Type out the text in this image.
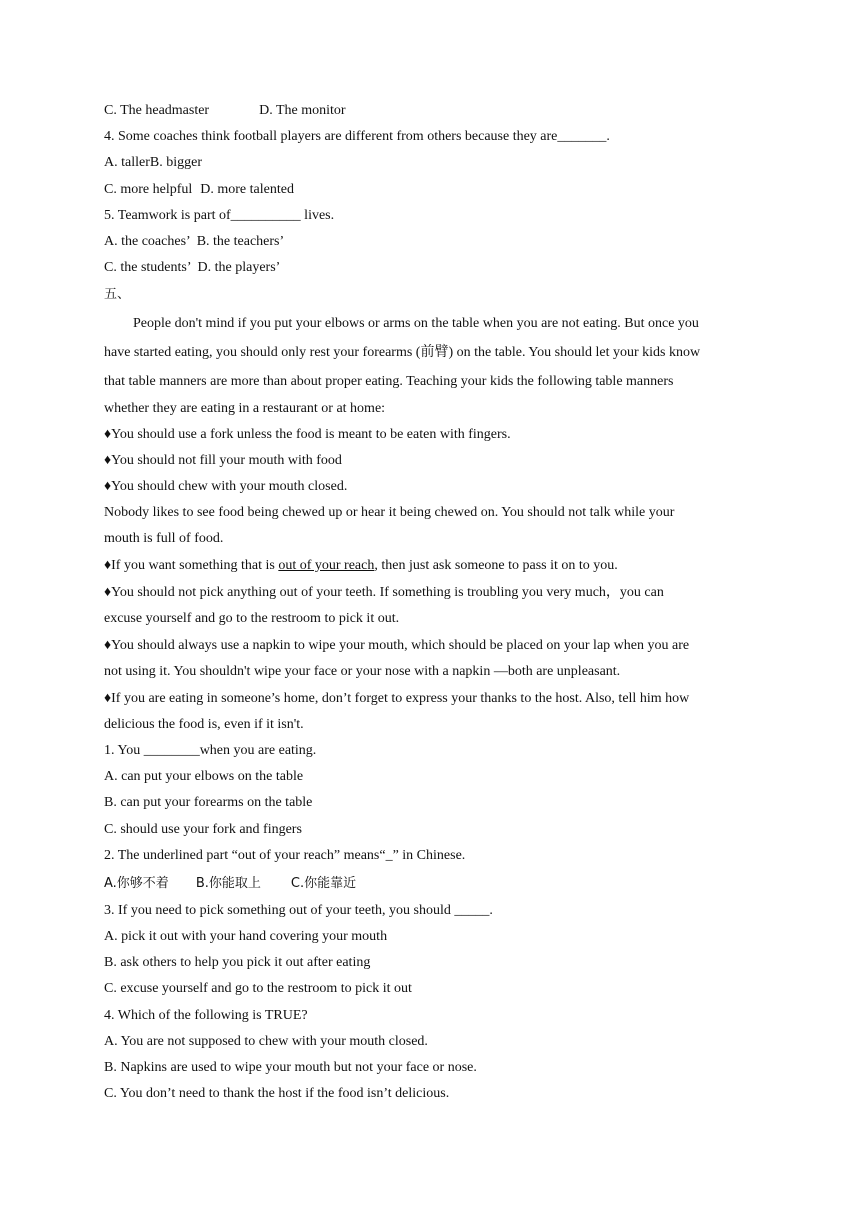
C. The headmaster	D. The monitor
4. Some coaches think football players are different from others because they are_______.
A. tallerB. bigger
C. more helpful D. more talented
5. Teamwork is part of__________ lives.
A. the coaches’ B. the teachers’
C. the students’ D. the players’
五、
People don't mind if you put your elbows or arms on the table when you are not eating. But once you
have started eating, you should only rest your forearms (前臂) on the table. You should let your kids know
that table manners are more than about proper eating. Teaching your kids the following table manners
whether they are eating in a restaurant or at home:
♦You should use a fork unless the food is meant to be eaten with fingers.
♦You should not fill your mouth with food
♦You should chew with your mouth closed.
Nobody likes to see food being chewed up or hear it being chewed on. You should not talk while your
mouth is full of food.
♦If you want something that is out of your reach, then just ask someone to pass it on to you.
♦You should not pick anything out of your teeth. If something is troubling you very much，you can
excuse yourself and go to the restroom to pick it out.
♦You should always use a napkin to wipe your mouth, which should be placed on your lap when you are
not using it. You shouldn't wipe your face or your nose with a napkin —both are unpleasant.
♦If you are eating in someone’s home, don’t forget to express your thanks to the host. Also, tell him how
delicious the food is, even if it isn't.
1. You ________when you are eating.
A. can put your elbows on the table
B. can put your forearms on the table
C. should use your fork and fingers
2. The underlined part “out of your reach” means“_” in Chinese.
A.你够不着 B.你能取上 C.你能靠近
3. If you need to pick something out of your teeth, you should _____.
A. pick it out with your hand covering your mouth
B. ask others to help you pick it out after eating
C. excuse yourself and go to the restroom to pick it out
4. Which of the following is TRUE?
A. You are not supposed to chew with your mouth closed.
B. Napkins are used to wipe your mouth but not your face or nose.
C. You don’t need to thank the host if the food isn’t delicious.
